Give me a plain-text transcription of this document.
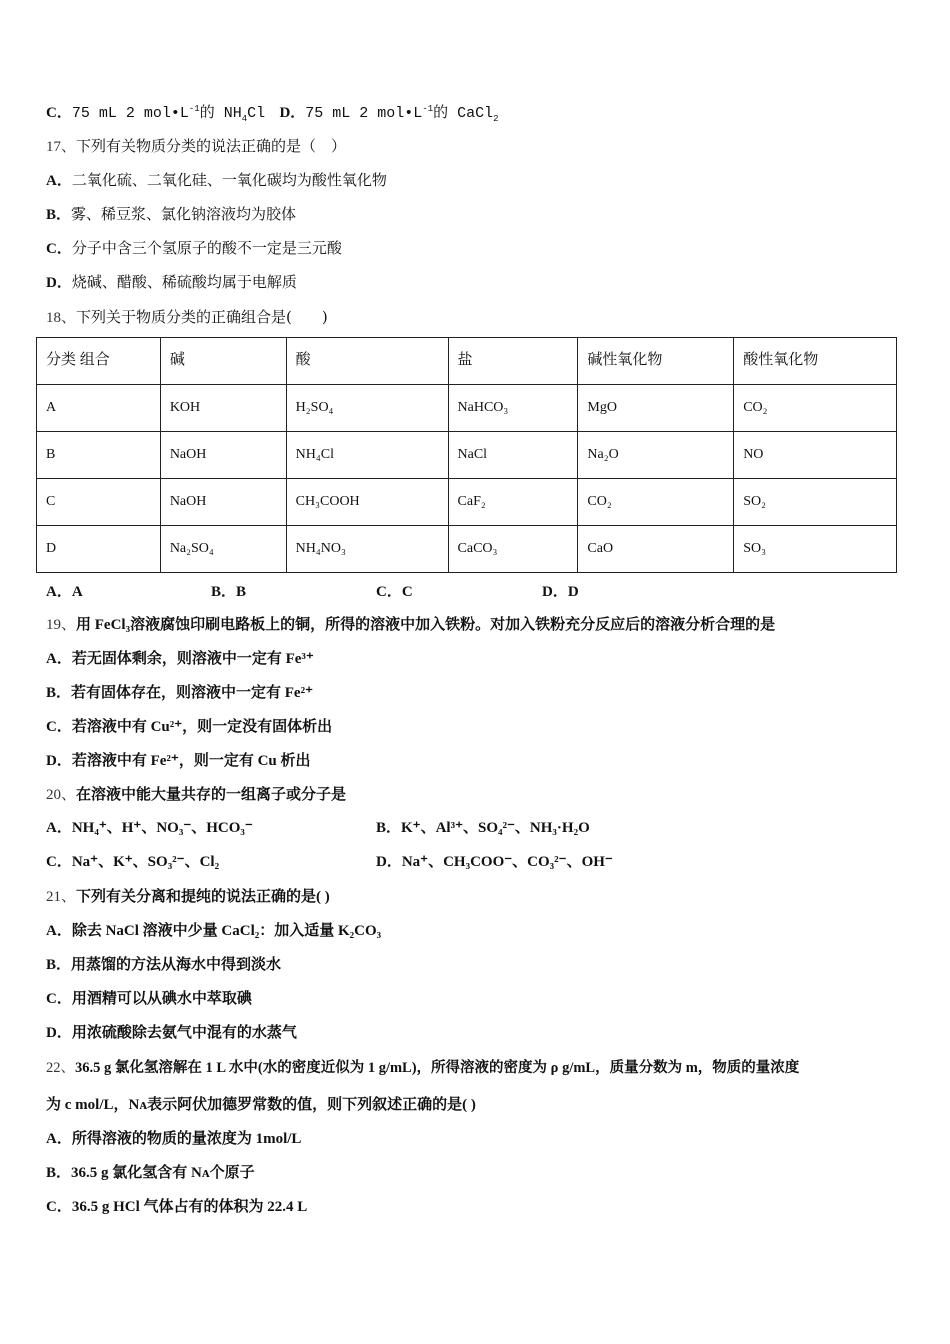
C．75 mL 2 $mol•L^{-1}$的 $NH_4Cl$ D．75 mL 2 $mol•L^{-1}$的 CaCl$_2$
17、下列有关物质分类的说法正确的是（　）
A．二氧化硫、二氧化硅、一氧化碳均为酸性氧化物
B．雾、稀豆浆、氯化钠溶液均为胶体
C．分子中含三个氢原子的酸不一定是三元酸
D．烧碱、醋酸、稀硫酸均属于电解质
18、下列关于物质分类的正确组合是(　　)
分类 组合	碱	酸	盐	碱性氧化物	酸性氧化物
A	KOH	H₂SO₄	NaHCO₃	MgO	CO₂
B	NaOH	NH₄Cl	NaCl	Na₂O	NO
C	NaOH	CH₃COOH	CaF₂	CO₂	SO₂
D	Na₂SO₄	NH₄NO₃	CaCO₃	CaO	SO₃
A．A	B．B	C．C	D．D
19、用 FeCl₃溶液腐蚀印刷电路板上的铜，所得的溶液中加入铁粉。对加入铁粉充分反应后的溶液分析合理的是
A．若无固体剩余，则溶液中一定有 Fe³⁺
B．若有固体存在，则溶液中一定有 Fe²⁺
C．若溶液中有 Cu²⁺，则一定没有固体析出
D．若溶液中有 Fe²⁺，则一定有 Cu 析出
20、在溶液中能大量共存的一组离子或分子是
A．NH₄⁺、H⁺、NO₃⁻、HCO₃⁻	B．K⁺、Al³⁺、SO₄²⁻、NH₃·H₂O
C．Na⁺、K⁺、SO₃²⁻、Cl₂	D．Na⁺、CH₃COO⁻、CO₃²⁻、OH⁻
21、下列有关分离和提纯的说法正确的是( )
A．除去 NaCl 溶液中少量 CaCl₂：加入适量 K₂CO₃
B．用蒸馏的方法从海水中得到淡水
C．用酒精可以从碘水中萃取碘
D．用浓硫酸除去氨气中混有的水蒸气
22、36.5 g 氯化氢溶解在 1 L 水中(水的密度近似为 1 g/mL)，所得溶液的密度为 ρ g/mL，质量分数为 m，物质的量浓度
为 c mol/L，Nᴀ表示阿伏加德罗常数的值，则下列叙述正确的是( )
A．所得溶液的物质的量浓度为 1mol/L
B．36.5 g 氯化氢含有 Nᴀ个原子
C．36.5 g HCl 气体占有的体积为 22.4 L
